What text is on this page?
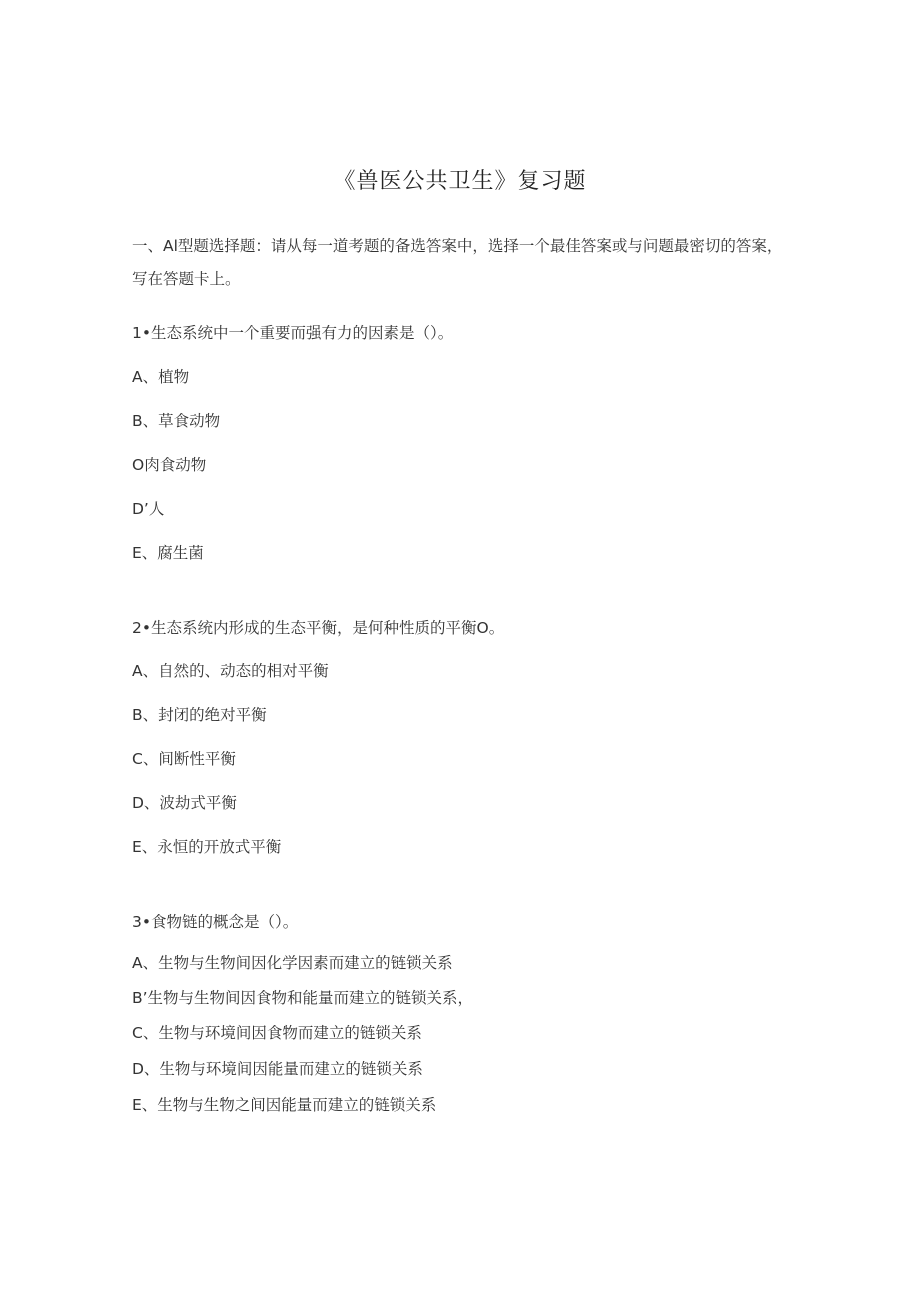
《兽医公共卫生》复习题

一、Al型题选择题：请从每一道考题的备选答案中，选择一个最佳答案或与问题最密切的答案，写在答题卡上。

1•生态系统中一个重要而强有力的因素是（）。

A、植物

B、草食动物

O肉食动物

D’人

E、腐生菌

2•生态系统内形成的生态平衡，是何种性质的平衡O。

A、自然的、动态的相对平衡

B、封闭的绝对平衡

C、间断性平衡

D、波劫式平衡

E、永恒的开放式平衡

3•食物链的概念是（）。

A、生物与生物间因化学因素而建立的链锁关系

B’生物与生物间因食物和能量而建立的链锁关系，

C、生物与环境间因食物而建立的链锁关系

D、生物与环境间因能量而建立的链锁关系

E、生物与生物之间因能量而建立的链锁关系
